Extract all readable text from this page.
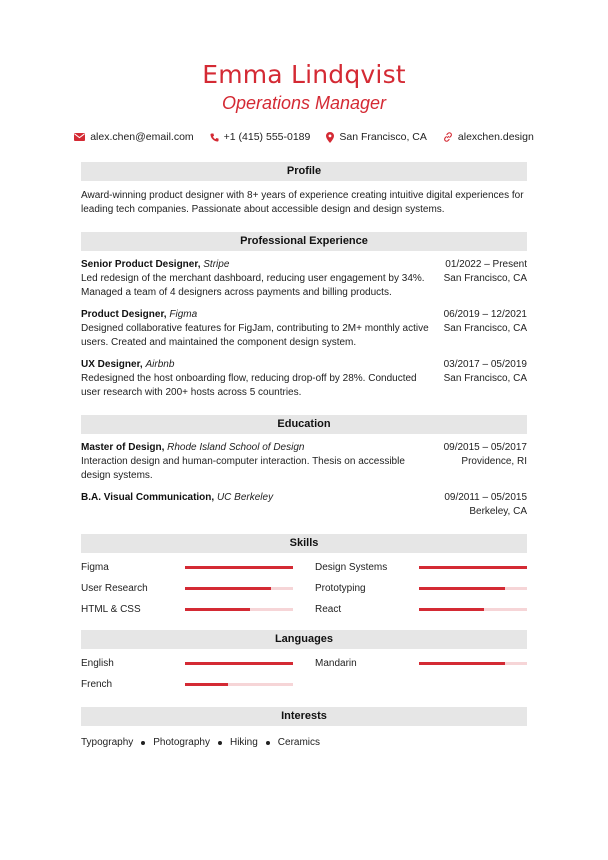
Emma Lindqvist
Operations Manager
alex.chen@email.com	+1 (415) 555-0189	San Francisco, CA	alexchen.design
Profile
Award-winning product designer with 8+ years of experience creating intuitive digital experiences for leading tech companies. Passionate about accessible design and design systems.
Professional Experience
Senior Product Designer, Stripe
Led redesign of the merchant dashboard, reducing user engagement by 34%. Managed a team of 4 designers across payments and billing products.
01/2022 – Present
San Francisco, CA
Product Designer, Figma
Designed collaborative features for FigJam, contributing to 2M+ monthly active users. Created and maintained the component design system.
06/2019 – 12/2021
San Francisco, CA
UX Designer, Airbnb
Redesigned the host onboarding flow, reducing drop-off by 28%. Conducted user research with 200+ hosts across 5 countries.
03/2017 – 05/2019
San Francisco, CA
Education
Master of Design, Rhode Island School of Design
Interaction design and human-computer interaction. Thesis on accessible design systems.
09/2015 – 05/2017
Providence, RI
B.A. Visual Communication, UC Berkeley	09/2011 – 05/2015
Berkeley, CA
Skills
Figma	Design Systems
User Research	Prototyping
HTML & CSS	React
Languages
English	Mandarin
French
Interests
Typography Photography Hiking Ceramics
